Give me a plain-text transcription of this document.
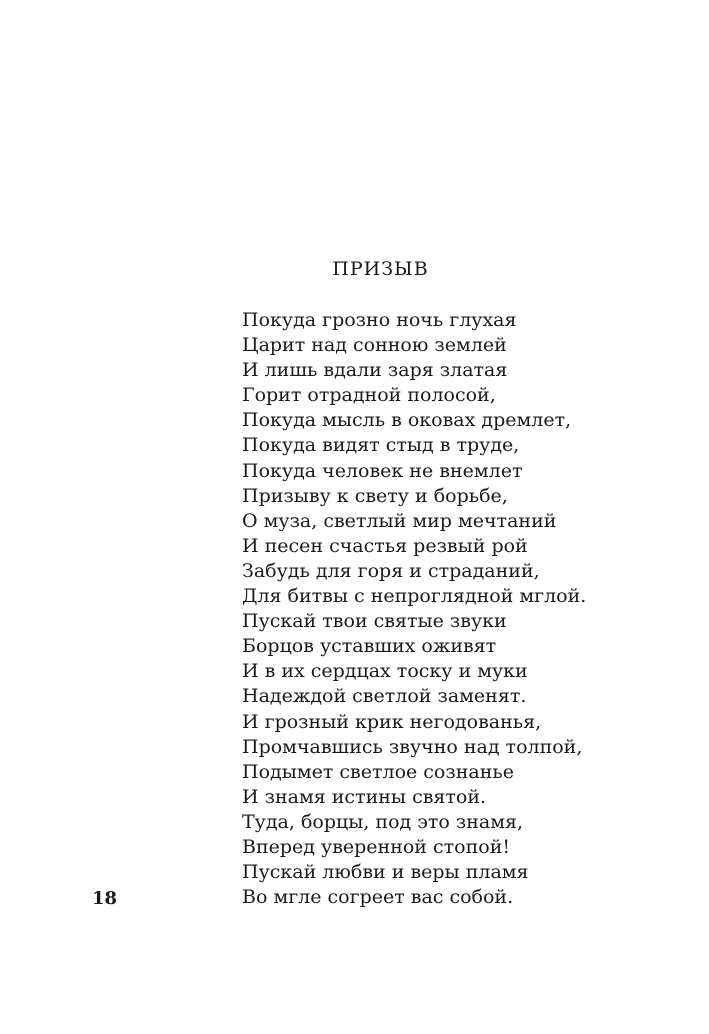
ПРИЗЫВ
Покуда грозно ночь глухая
Царит над сонною землей
И лишь вдали заря златая
Горит отрадной полосой,
Покуда мысль в оковах дремлет,
Покуда видят стыд в труде,
Покуда человек не внемлет
Призыву к свету и борьбе,
О муза, светлый мир мечтаний
И песен счастья резвый рой
Забудь для горя и страданий,
Для битвы с непроглядной мглой.
Пускай твои святые звуки
Борцов уставших оживят
И в их сердцах тоску и муки
Надеждой светлой заменят.
И грозный крик негодованья,
Промчавшись звучно над толпой,
Подымет светлое сознанье
И знамя истины святой.
Туда, борцы, под это знамя,
Вперед уверенной стопой!
Пускай любви и веры пламя
Во мгле согреет вас собой.
18
